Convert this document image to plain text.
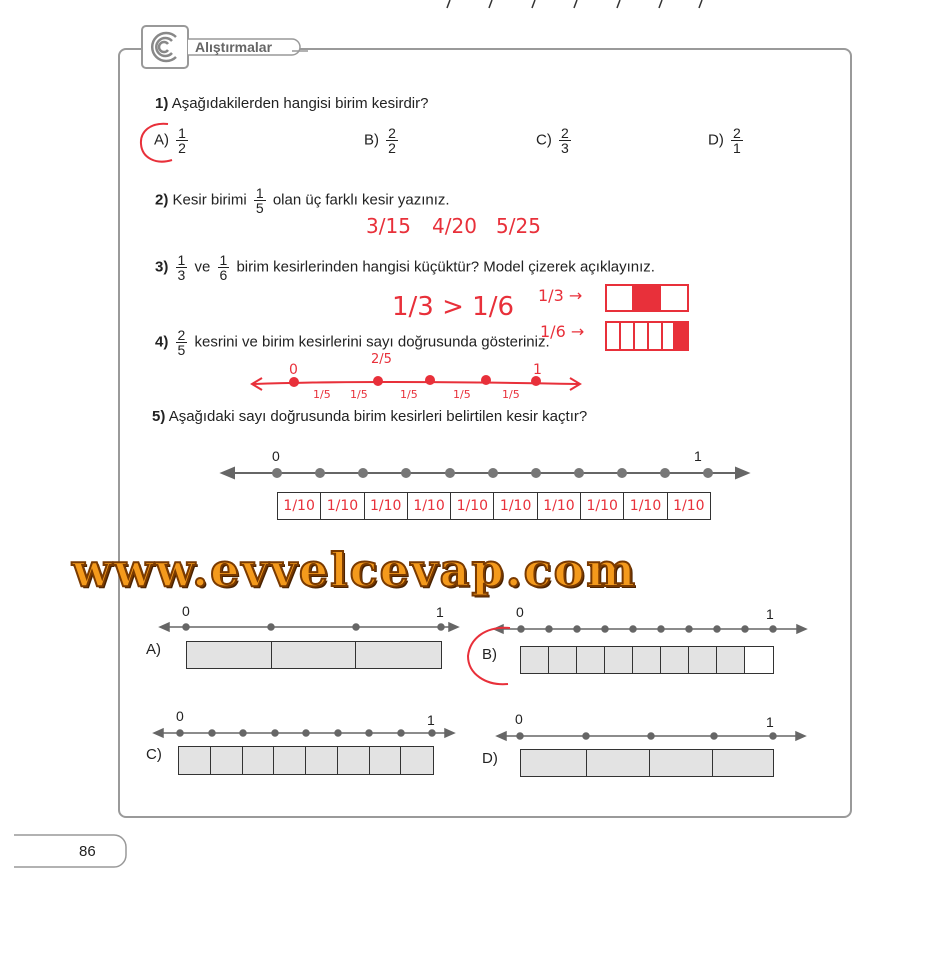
Alıştırmalar
1) Aşağıdakilerden hangisi birim kesirdir?
$A) \frac{1}{2}$	$B) \frac{2}{2}$	$C) \frac{2}{3}$	$D) \frac{2}{1}$
2) Kesir birimi $\frac{1}{5}$ olan üç farklı kesir yazınız.
3/15 4/20 5/25
$3) \frac{1}{3}$ ve $\frac{1}{6}$ birim kesirlerinden hangisi küçüktür? Model çizerek açıklayınız.
1/3 > 1/6 1/3 →
1/6 →
$4) \frac{2}{5}$ kesrini ve birim kesirlerini sayı doğrusunda gösteriniz.
0	1
2/5
1/5 1/5	1/5	1/5	1/5
5) Aşağıdaki sayı doğrusunda birim kesirleri belirtilen kesir kaçtır?
0	1
1/10 1/10 1/10 1/10 1/10 1/10 1/10 1/10 1/10 1/10
www.evvelcevap.com
0	1
A)
0	1
B)
0	1
C)
0	1
D)
86
